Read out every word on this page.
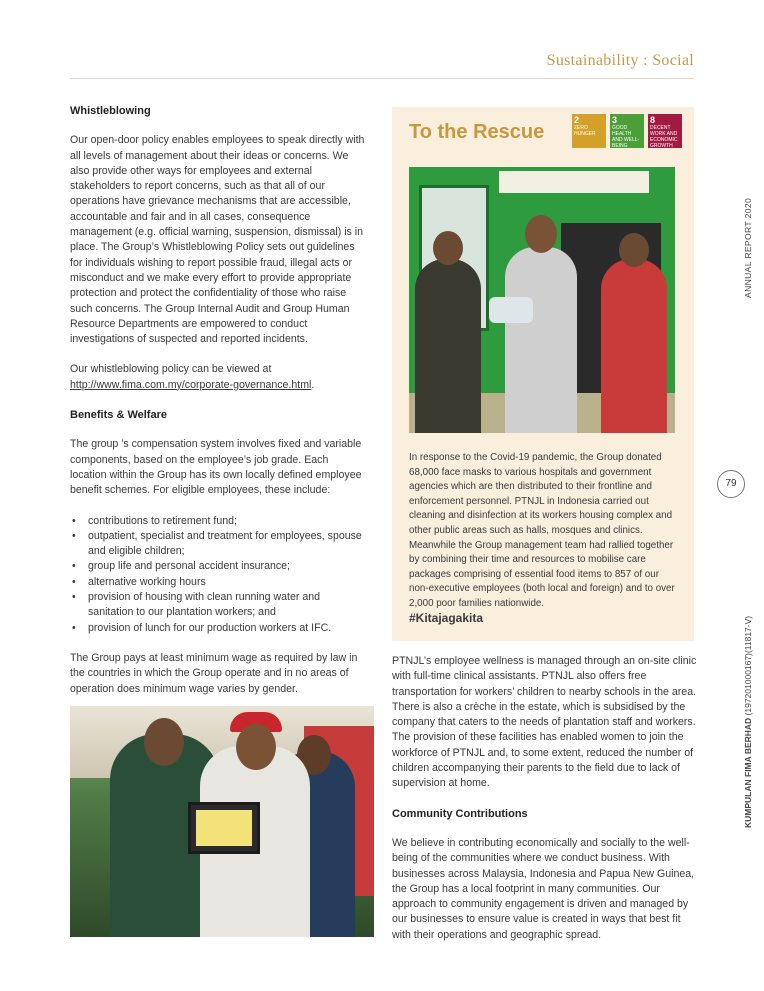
Sustainability : Social

Whistleblowing

Our open-door policy enables employees to speak directly with all levels of management about their ideas or concerns. We also provide other ways for employees and external stakeholders to report concerns, such as that all of our operations have grievance mechanisms that are accessible, accountable and fair and in all cases, consequence management (e.g. official warning, suspension, dismissal) is in place. The Group’s Whistleblowing Policy sets out guidelines for individuals wishing to report possible fraud, illegal acts or misconduct and we make every effort to provide appropriate protection and protect the confidentiality of those who raise such concerns. The Group Internal Audit and Group Human Resource Departments are empowered to conduct investigations of suspected and reported incidents.

Our whistleblowing policy can be viewed at http://www.fima.com.my/corporate-governance.html.

Benefits & Welfare

The group ’s compensation system involves fixed and variable components, based on the employee’s job grade. Each location within the Group has its own locally defined employee benefit schemes. For eligible employees, these include:

• contributions to retirement fund;
• outpatient, specialist and treatment for employees, spouse and eligible children;
• group life and personal accident insurance;
• alternative working hours
• provision of housing with clean running water and sanitation to our plantation workers; and
• provision of lunch for our production workers at IFC.

The Group pays at least minimum wage as required by law in the countries in which the Group operate and in no areas of operation does minimum wage varies by gender.

To the Rescue
2
ZERO HUNGER
3
GOOD HEALTH AND WELL-BEING
8
DECENT WORK AND ECONOMIC GROWTH

In response to the Covid-19 pandemic, the Group donated 68,000 face masks to various hospitals and government agencies which are then distributed to their frontline and enforcement personnel. PTNJL in Indonesia carried out cleaning and disinfection at its workers housing complex and other public areas such as halls, mosques and clinics. Meanwhile the Group management team had rallied together by combining their time and resources to mobilise care packages comprising of essential food items to 857 of our non-executive employees (both local and foreign) and to over 2,000 poor families nationwide.

#Kitajagakita

PTNJL’s employee wellness is managed through an on-site clinic with full-time clinical assistants. PTNJL also offers free transportation for workers’ children to nearby schools in the area. There is also a crèche in the estate, which is subsidised by the company that caters to the needs of plantation staff and workers. The provision of these facilities has enabled women to join the workforce of PTNJL and, to some extent, reduced the number of children accompanying their parents to the field due to lack of supervision at home.

Community Contributions

We believe in contributing economically and socially to the well-being of the communities where we conduct business. With businesses across Malaysia, Indonesia and Papua New Guinea, the Group has a local footprint in many communities. Our approach to community engagement is driven and managed by our businesses to ensure value is created in ways that best fit with their operations and geographic spread.

ANNUAL REPORT 2020
79
KUMPULAN FIMA BERHAD (197201000167)(11817-V)
